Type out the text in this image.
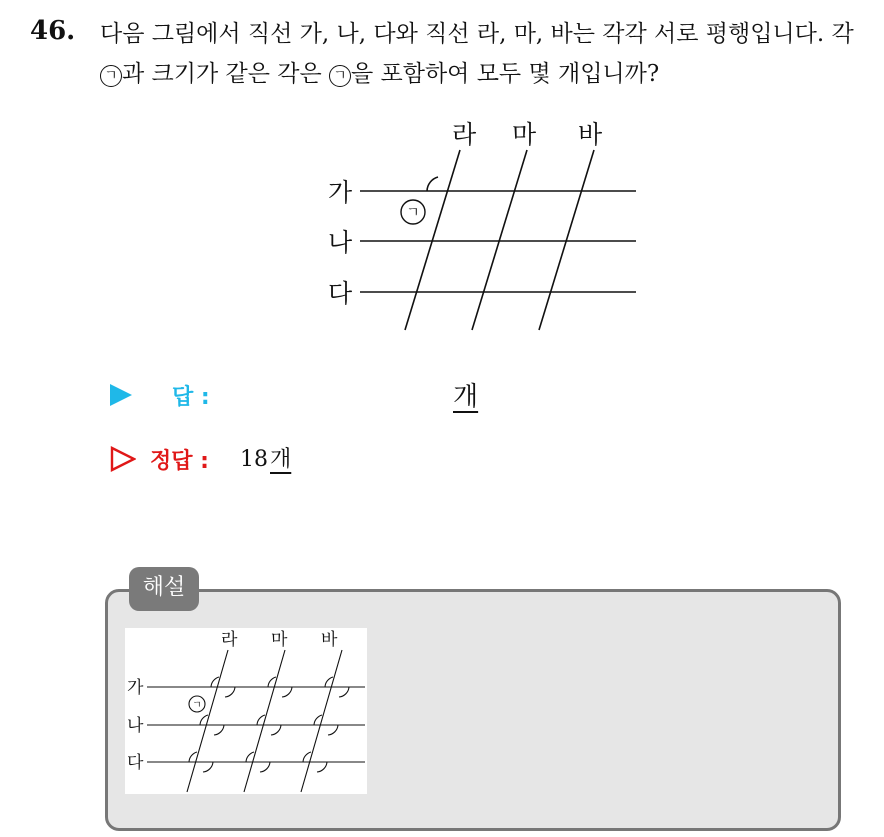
46. 다음 그림에서 직선 가, 나, 다와 직선 라, 마, 바는 각각 서로 평행입니다. 각 ㄱ 과 크기가 같은 각은 ㄱ 을 포함하여 모두 몇 개입니까?
가
나
다
라 마 바
ㄱ
답 :	개
정답 : 18개
해설
가
나
다
라 마 바
ㄱ
